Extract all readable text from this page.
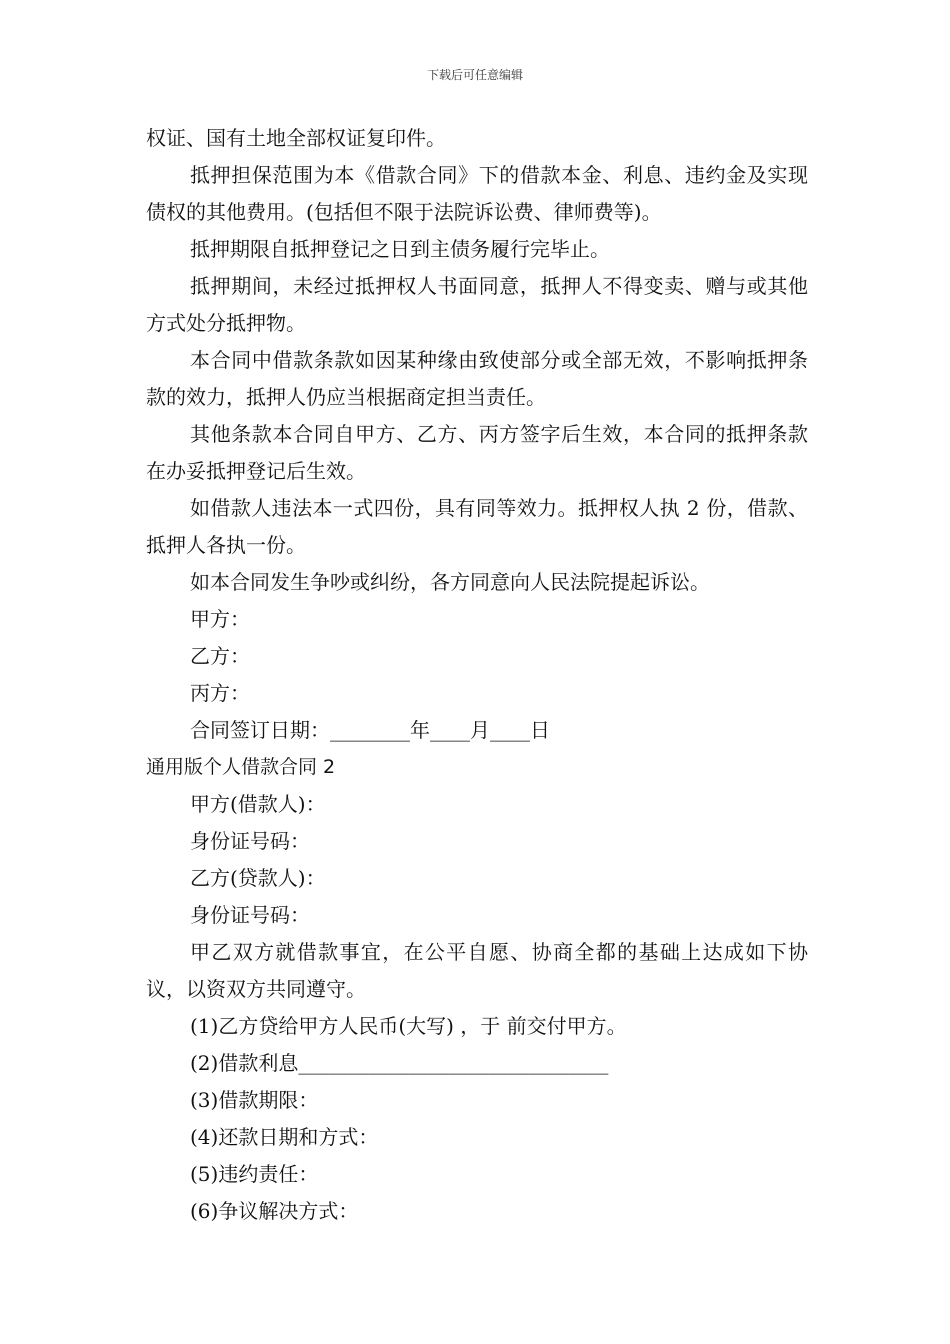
下载后可任意编辑

权证、国有土地全部权证复印件。

抵押担保范围为本《借款合同》下的借款本金、利息、违约金及实现债权的其他费用。(包括但不限于法院诉讼费、律师费等)。

抵押期限自抵押登记之日到主债务履行完毕止。

抵押期间，未经过抵押权人书面同意，抵押人不得变卖、赠与或其他方式处分抵押物。

本合同中借款条款如因某种缘由致使部分或全部无效，不影响抵押条款的效力，抵押人仍应当根据商定担当责任。

其他条款本合同自甲方、乙方、丙方签字后生效，本合同的抵押条款在办妥抵押登记后生效。

如借款人违法本一式四份，具有同等效力。抵押权人执 2 份，借款、抵押人各执一份。

如本合同发生争吵或纠纷，各方同意向人民法院提起诉讼。

甲方：

乙方：

丙方：

合同签订日期：________年____月____日

通用版个人借款合同 2

甲方(借款人)：

身份证号码：

乙方(贷款人)：

身份证号码：

甲乙双方就借款事宜，在公平自愿、协商全都的基础上达成如下协议，以资双方共同遵守。

(1)乙方贷给甲方人民币(大写) ，于 前交付甲方。

(2)借款利息_______________________________

(3)借款期限：

(4)还款日期和方式：

(5)违约责任：

(6)争议解决方式：
